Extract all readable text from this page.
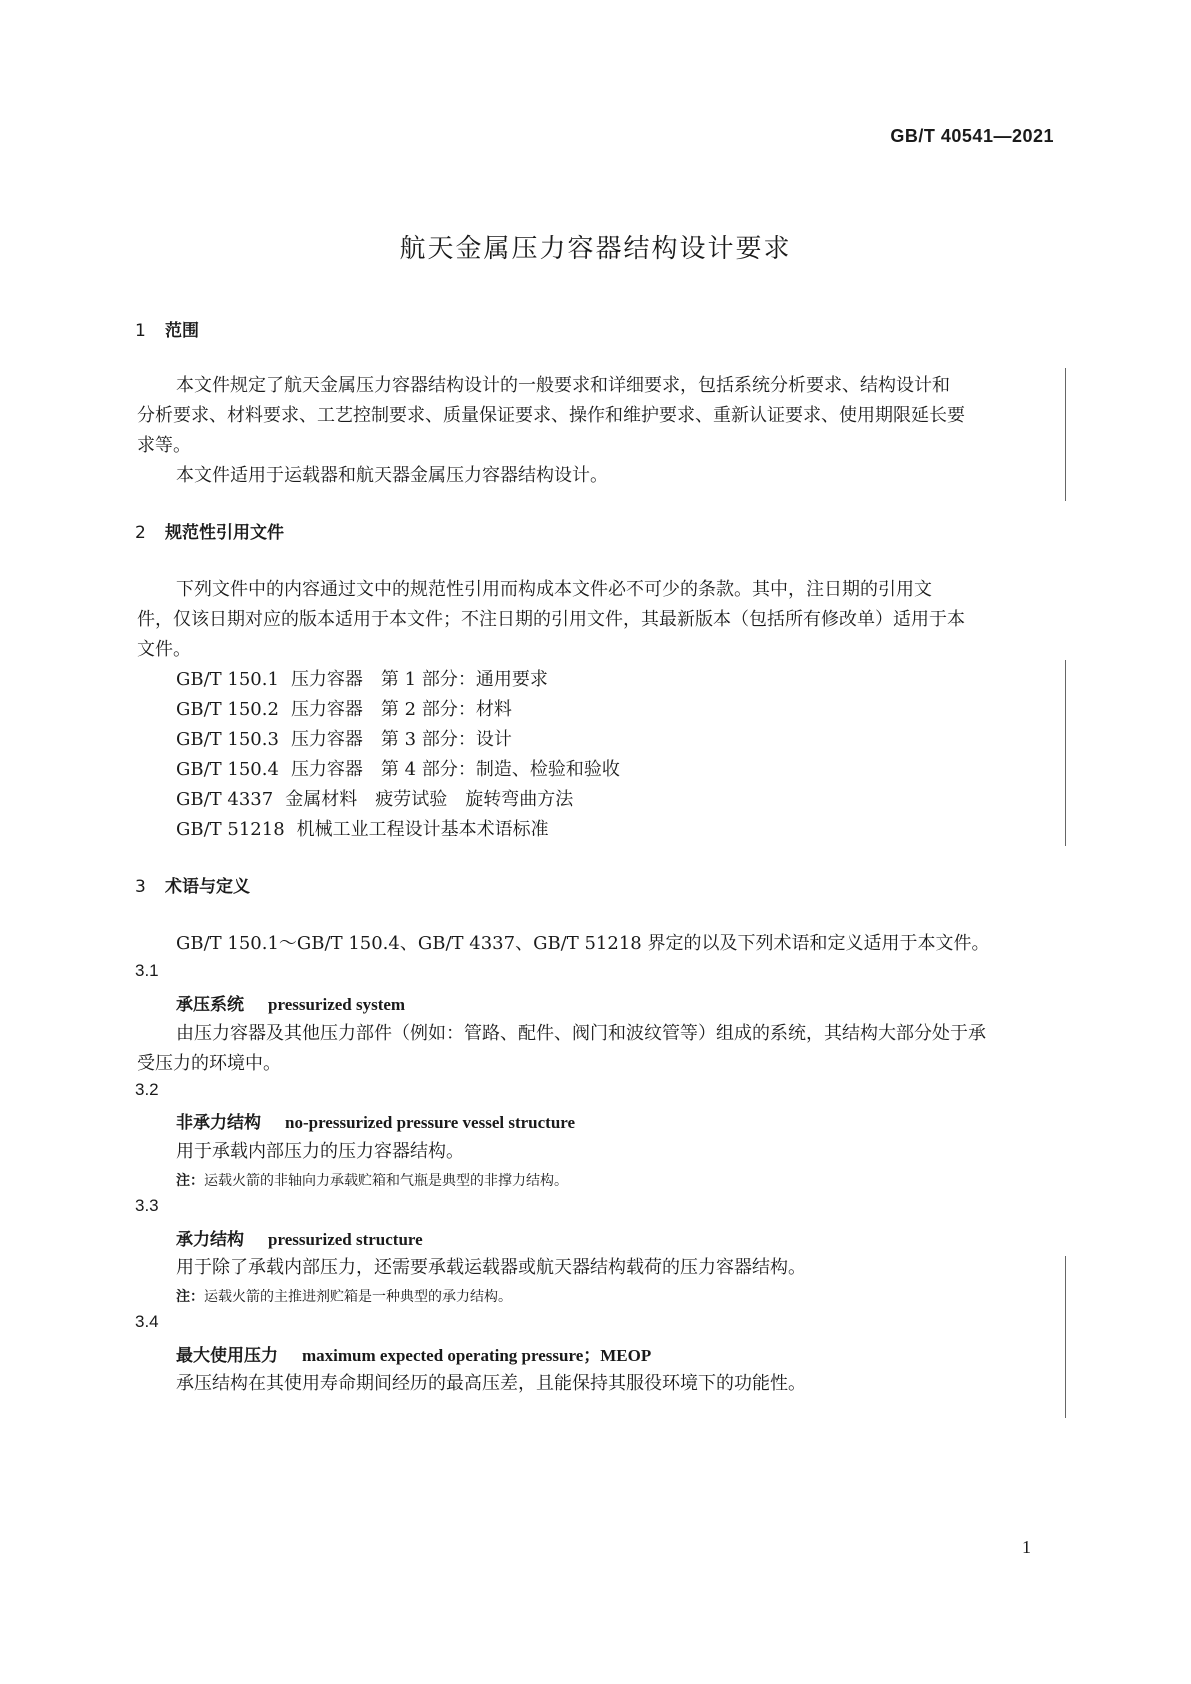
GB/T 40541—2021
航天金属压力容器结构设计要求
1 范围
本文件规定了航天金属压力容器结构设计的一般要求和详细要求，包括系统分析要求、结构设计和
分析要求、材料要求、工艺控制要求、质量保证要求、操作和维护要求、重新认证要求、使用期限延长要
求等。
本文件适用于运载器和航天器金属压力容器结构设计。
2 规范性引用文件
下列文件中的内容通过文中的规范性引用而构成本文件必不可少的条款。其中，注日期的引用文
件，仅该日期对应的版本适用于本文件；不注日期的引用文件，其最新版本（包括所有修改单）适用于本
文件。
GB/T 150.1 压力容器　第 1 部分：通用要求
GB/T 150.2 压力容器　第 2 部分：材料
GB/T 150.3 压力容器　第 3 部分：设计
GB/T 150.4 压力容器　第 4 部分：制造、检验和验收
GB/T 4337 金属材料　疲劳试验　旋转弯曲方法
GB/T 51218 机械工业工程设计基本术语标准
3 术语与定义
GB/T 150.1～GB/T 150.4、GB/T 4337、GB/T 51218 界定的以及下列术语和定义适用于本文件。
3.1
承压系统 pressurized system
由压力容器及其他压力部件（例如：管路、配件、阀门和波纹管等）组成的系统，其结构大部分处于承
受压力的环境中。
3.2
非承力结构 no-pressurized pressure vessel structure
用于承载内部压力的压力容器结构。
注：运载火箭的非轴向力承载贮箱和气瓶是典型的非撑力结构。
3.3
承力结构 pressurized structure
用于除了承载内部压力，还需要承载运载器或航天器结构载荷的压力容器结构。
注：运载火箭的主推进剂贮箱是一种典型的承力结构。
3.4
最大使用压力 maximum expected operating pressure；MEOP
承压结构在其使用寿命期间经历的最高压差，且能保持其服役环境下的功能性。
1
